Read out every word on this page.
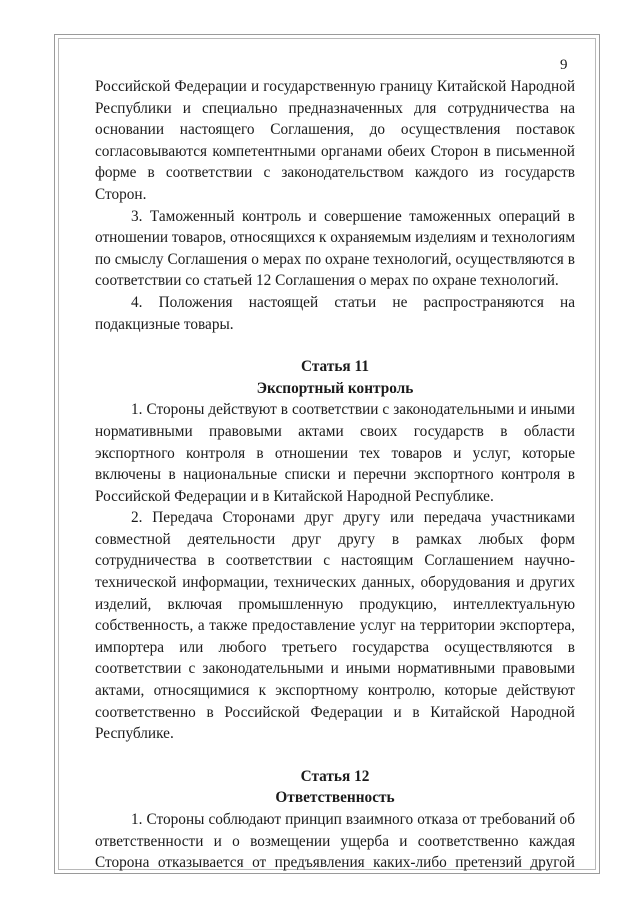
9

Российской Федерации и государственную границу Китайской Народной Республики и специально предназначенных для сотрудничества на основании настоящего Соглашения, до осуществления поставок согласовываются компетентными органами обеих Сторон в письменной форме в соответствии с законодательством каждого из государств Сторон.

3. Таможенный контроль и совершение таможенных операций в отношении товаров, относящихся к охраняемым изделиям и технологиям по смыслу Соглашения о мерах по охране технологий, осуществляются в соответствии со статьей 12 Соглашения о мерах по охране технологий.

4. Положения настоящей статьи не распространяются на подакцизные товары.

Статья 11
Экспортный контроль

1. Стороны действуют в соответствии с законодательными и иными нормативными правовыми актами своих государств в области экспортного контроля в отношении тех товаров и услуг, которые включены в национальные списки и перечни экспортного контроля в Российской Федерации и в Китайской Народной Республике.

2. Передача Сторонами друг другу или передача участниками совместной деятельности друг другу в рамках любых форм сотрудничества в соответствии с настоящим Соглашением научно-технической информации, технических данных, оборудования и других изделий, включая промышленную продукцию, интеллектуальную собственность, а также предоставление услуг на территории экспортера, импортера или любого третьего государства осуществляются в соответствии с законодательными и иными нормативными правовыми актами, относящимися к экспортному контролю, которые действуют соответственно в Российской Федерации и в Китайской Народной Республике.

Статья 12
Ответственность

1. Стороны соблюдают принцип взаимного отказа от требований об ответственности и о возмещении ущерба и соответственно каждая Сторона отказывается от предъявления каких-либо претензий другой
